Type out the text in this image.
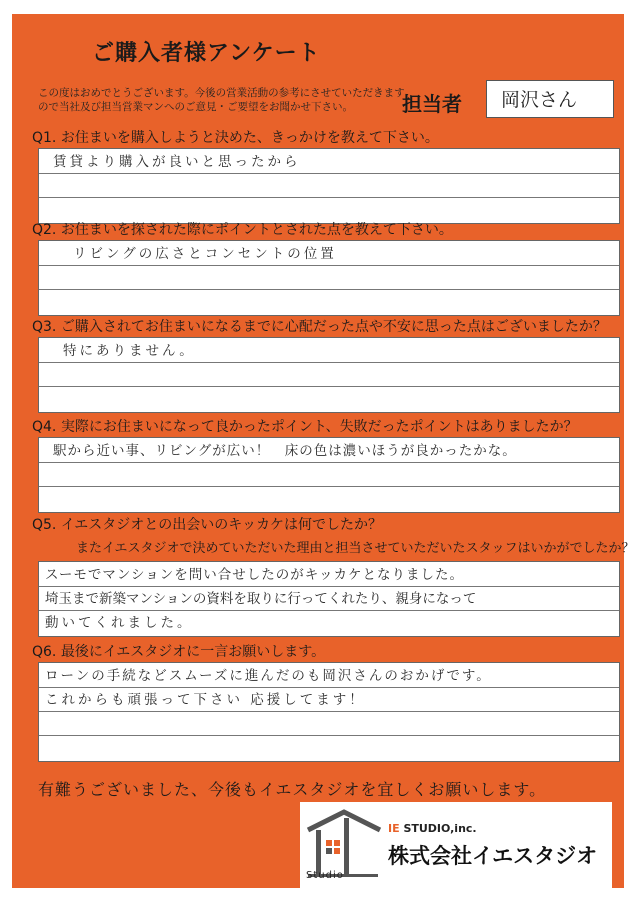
ご購入者様アンケート
この度はおめでとうございます。今後の営業活動の参考にさせていただきますので当社及び担当営業マンへのご意見・ご要望をお聞かせ下さい。	担当者 岡沢さん
Q1. お住まいを購入しようと決めた、きっかけを教えて下さい。
賃貸より購入が良いと思ったから
Q2. お住まいを探された際にポイントとされた点を教えて下さい。
リビングの広さとコンセントの位置
Q3. ご購入されてお住まいになるまでに心配だった点や不安に思った点はございましたか？
特にありません。
Q4. 実際にお住まいになって良かったポイント、失敗だったポイントはありましたか？
駅から近い事、リビングが広い！　床の色は濃いほうが良かったかな。
Q5. イエスタジオとの出会いのキッカケは何でしたか？
またイエスタジオで決めていただいた理由と担当させていただいたスタッフはいかがでしたか？
スーモでマンションを問い合せしたのがキッカケとなりました。
埼玉まで新築マンションの資料を取りに行ってくれたり、親身になって
動いてくれました。
Q6. 最後にイエスタジオに一言お願いします。
ローンの手続などスムーズに進んだのも岡沢さんのおかげです。
これからも頑張って下さい 応援してます！
有難うございました、今後もイエスタジオを宜しくお願いします。
Studio
IE STUDIO,inc.
株式会社イエスタジオ
